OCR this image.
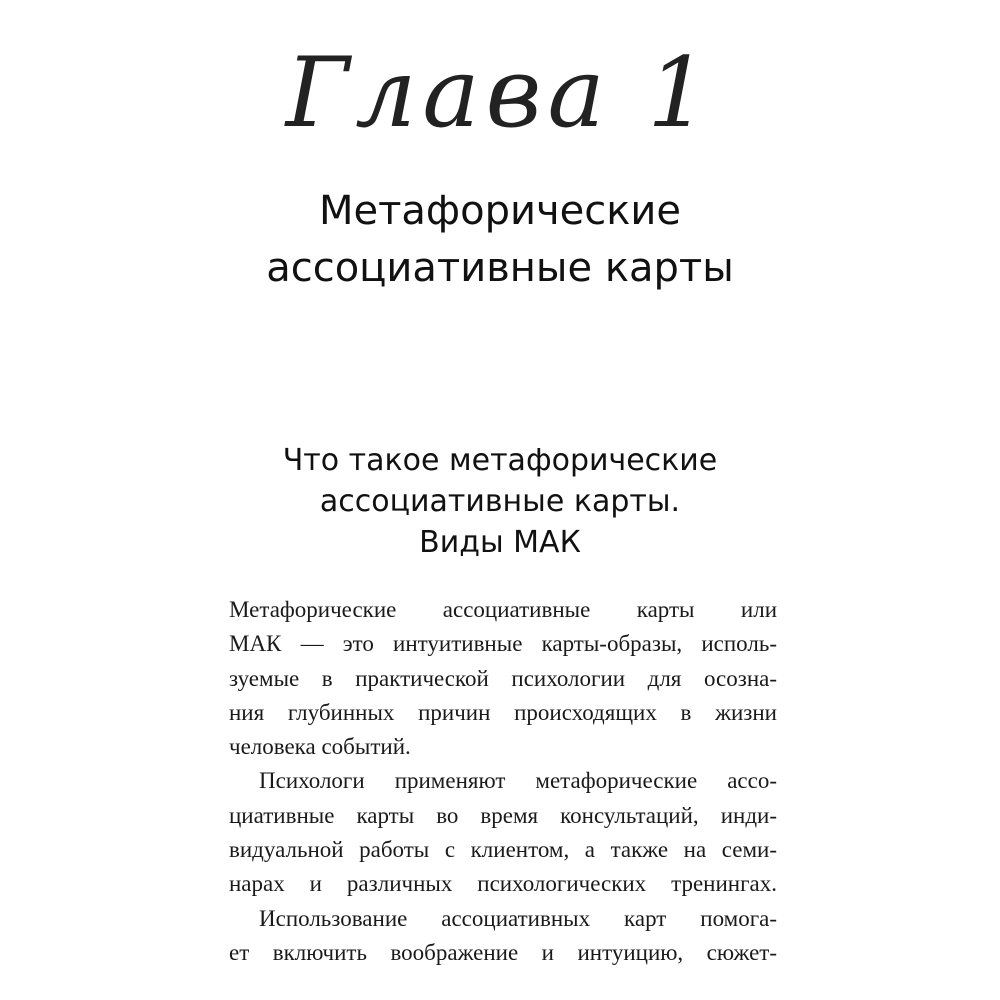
Глава 1
Метафорические
ассоциативные карты
Что такое метафорические
ассоциативные карты.
Виды МАК
Метафорические ассоциативные карты или
МАК — это интуитивные карты-образы, исполь-
зуемые в практической психологии для осозна-
ния глубинных причин происходящих в жизни
человека событий.
Психологи применяют метафорические ассо-
циативные карты во время консультаций, инди-
видуальной работы с клиентом, а также на семи-
нарах и различных психологических тренингах.
Использование ассоциативных карт помога-
ет включить воображение и интуицию, сюжет-
